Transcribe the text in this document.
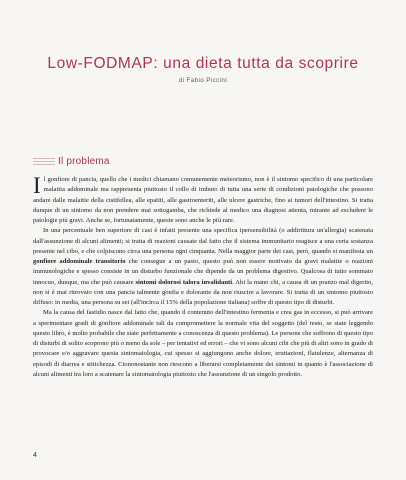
Low-FODMAP: una dieta tutta da scoprire
di Fabio Piccini
Il problema

Il gonfiore di pancia, quello che i medici chiamano comunemente meteorismo, non è il sintomo specifico di una particolare malattia addominale ma rappresenta piuttosto il collo di imbuto di tutta una serie di condizioni patologiche che possono andare dalle malattie della cistifellea, alle epatiti, alle gastroenteriti, alle ulcere gastriche, fino ai tumori dell'intestino. Si tratta dunque di un sintomo da non prendere mai sottogamba, che richiede al medico una diagnosi attenta, mirante ad escludere le patologie più gravi. Anche se, fortunatamente, queste sono anche le più rare.

In una percentuale ben superiore di casi è infatti presente una specifica ipersensibilità (o addirittura un'allergia) scatenata dall'assunzione di alcuni alimenti; si tratta di reazioni causate dal fatto che il sistema immunitario reagisce a una certa sostanza presente nel cibo, e che colpiscono circa una persona ogni cinquanta. Nella maggior parte dei casi, però, quando si manifesta un gonfiore addominale transitorio che consegue a un pasto, questo può non essere motivato da gravi malattie o reazioni immunologiche e spesso consiste in un disturbo funzionale che dipende da un problema digestivo. Qualcosa di tutto sommato innocuo, dunque, ma che può causare sintomi dolorosi talora invalidanti. Abi la mano chi, a causa di un pranzo mal digerito, non si è mai ritrovato con una pancia talmente gonfia e dolorante da non riuscire a lavorare. Si tratta di un sintomo piuttosto diffuso: in media, una persona su sei (all'incirca il 15% della popolazione italiana) soffre di questo tipo di disturbi.

Ma la causa del fastidio nasce dal fatto che, quando il contenuto dell'intestino fermenta e crea gas in eccesso, si può arrivare a sperimentare gradi di gonfiore addominale tali da compromettere la normale vita del soggetto (del resto, se state leggendo questo libro, è molto probabile che siate perfettamente a conoscenza di questo problema). Le persone che soffrono di questo tipo di disturbi di solito scoprono più o meno da sole – per tentativi ed errori – che vi sono alcuni cibi che più di altri sono in grado di provocare e/o aggravare questa sintomatologia, cui spesso si aggiungono anche dolore, eruttazioni, flatulenze, alternanza di episodi di diarrea e stitichezza. Ciononostante non riescono a liberarsi completamente dei sintomi in quanto è l'associazione di alcuni alimenti tra loro a scatenare la sintomatologia piuttosto che l'assunzione di un singolo prodotto.

4
